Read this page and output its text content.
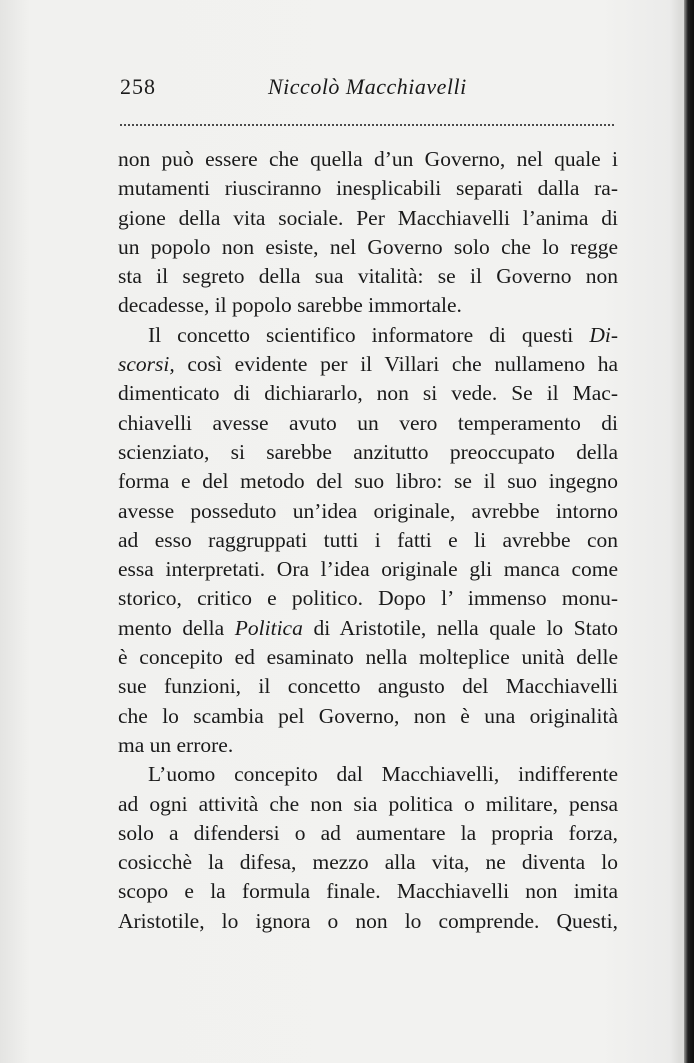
258	Niccolò Macchiavelli
non può essere che quella d’un Governo, nel quale i
mutamenti riusciranno inesplicabili separati dalla ra-
gione della vita sociale. Per Macchiavelli l’anima di
un popolo non esiste, nel Governo solo che lo regge
sta il segreto della sua vitalità: se il Governo non
decadesse, il popolo sarebbe immortale.
Il concetto scientifico informatore di questi Di-
scorsi, così evidente per il Villari che nullameno ha
dimenticato di dichiararlo, non si vede. Se il Mac-
chiavelli avesse avuto un vero temperamento di
scienziato, si sarebbe anzitutto preoccupato della
forma e del metodo del suo libro: se il suo ingegno
avesse posseduto un’idea originale, avrebbe intorno
ad esso raggruppati tutti i fatti e li avrebbe con
essa interpretati. Ora l’idea originale gli manca come
storico, critico e politico. Dopo l’ immenso monu-
mento della Politica di Aristotile, nella quale lo Stato
è concepito ed esaminato nella molteplice unità delle
sue funzioni, il concetto angusto del Macchiavelli
che lo scambia pel Governo, non è una originalità
ma un errore.
L’uomo concepito dal Macchiavelli, indifferente
ad ogni attività che non sia politica o militare, pensa
solo a difendersi o ad aumentare la propria forza,
cosicchè la difesa, mezzo alla vita, ne diventa lo
scopo e la formula finale. Macchiavelli non imita
Aristotile, lo ignora o non lo comprende. Questi,
